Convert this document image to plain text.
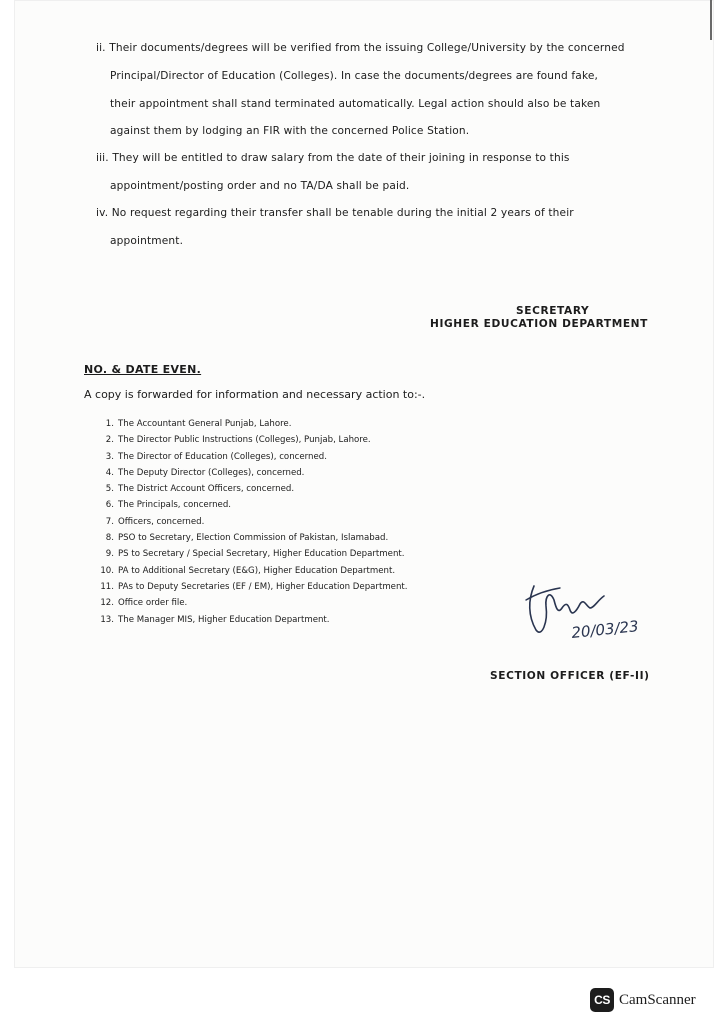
ii. Their documents/degrees will be verified from the issuing College/University by the concerned
Principal/Director of Education (Colleges). In case the documents/degrees are found fake,
their appointment shall stand terminated automatically. Legal action should also be taken
against them by lodging an FIR with the concerned Police Station.
iii. They will be entitled to draw salary from the date of their joining in response to this
appointment/posting order and no TA/DA shall be paid.
iv. No request regarding their transfer shall be tenable during the initial 2 years of their
appointment.
SECRETARY
HIGHER EDUCATION DEPARTMENT
NO. & DATE EVEN.
A copy is forwarded for information and necessary action to:-.
1. The Accountant General Punjab, Lahore.
2. The Director Public Instructions (Colleges), Punjab, Lahore.
3. The Director of Education (Colleges), concerned.
4. The Deputy Director (Colleges), concerned.
5. The District Account Officers, concerned.
6. The Principals, concerned.
7. Officers, concerned.
8. PSO to Secretary, Election Commission of Pakistan, Islamabad.
9. PS to Secretary / Special Secretary, Higher Education Department.
10. PA to Additional Secretary (E&G), Higher Education Department.
11. PAs to Deputy Secretaries (EF / EM), Higher Education Department.
12. Office order file.
13. The Manager MIS, Higher Education Department.	20/03/23
SECTION OFFICER (EF-II)
CS CamScanner
